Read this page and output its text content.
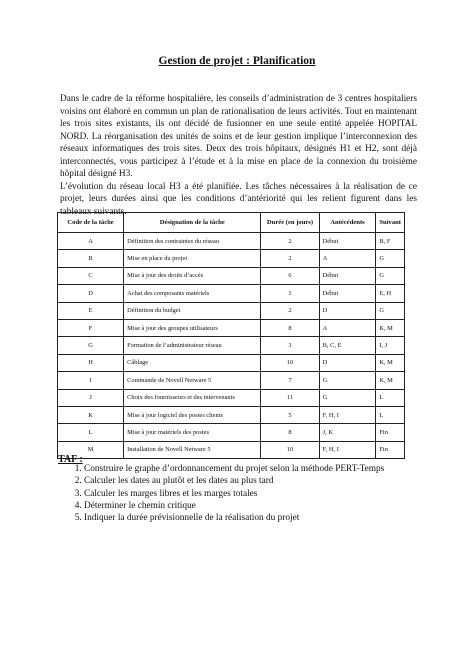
Gestion de projet : Planification

Dans le cadre de la réforme hospitalière, les conseils d’administration de 3 centres hospitaliers voisins ont élaboré en commun un plan de rationalisation de leurs activités. Tout en maintenant les trois sites existants, ils ont décidé de fusionner en une seule entité appelée HOPITAL NORD. La réorganisation des unités de soins et de leur gestion implique l’interconnexion des réseaux informatiques des trois sites. Deux des trois hôpitaux, désignés H1 et H2, sont déjà interconnectés, vous participez à l’étude et à la mise en place de la connexion du troisième hôpital désigné H3.

L’évolution du réseau local H3 a été planifiée. Les tâches nécessaires à la réalisation de ce projet, leurs durées ainsi que les conditions d’antériorité qui les relient figurent dans les tableaux suivants.

Code de la tâche	Désignation de la tâche	Durée (en jours)	Antécédents	Suivant
A	Définition des contraintes du réseau	2	Début	B, F
B	Mise en place du projet	2	A	G
C	Mise à jour des droits d’accès	6	Début	G
D	Achat des composants matériels	1	Début	E, H
E	Définition du budget	2	D	G
F	Mise à jour des groupes utilisateurs	8	A	K, M
G	Formation de l’administrateur réseau	3	B, C, E	I, J
H	Câblage	10	D	K, M
I	Commande de Novell Netware 5	7	G	K, M
J	Choix des fournisseurs et des intervenants	11	G	L
K	Mise à jour logiciel des postes clients	5	F, H, I	L
L	Mise à jour matériels des postes	8	J, K	Fin
M	Installation de Novell Netware 5	10	F, H, I	Fin
TAF :
1. Construire le graphe d’ordonnancement du projet selon la méthode PERT-Temps
2. Calculer les dates au plutôt et les dates au plus tard
3. Calculer les marges libres et les marges totales
4. Déterminer le chemin critique
5. Indiquer la durée prévisionnelle de la réalisation du projet
